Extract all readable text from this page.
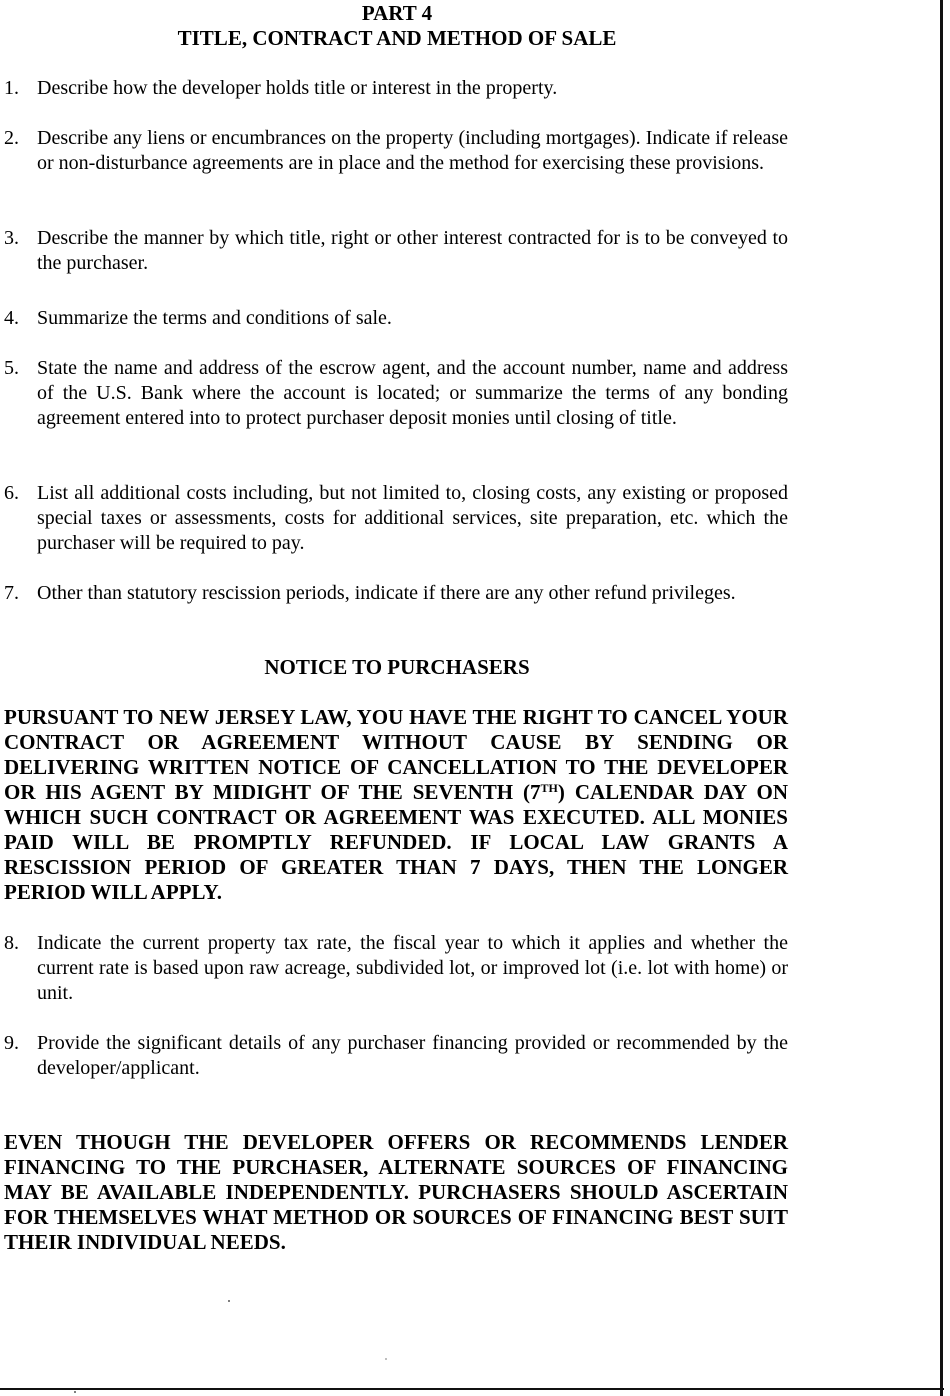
PART 4
TITLE, CONTRACT AND METHOD OF SALE
1. Describe how the developer holds title or interest in the property.
2. Describe any liens or encumbrances on the property (including mortgages). Indicate if release or non-disturbance agreements are in place and the method for exercising these provisions.
3. Describe the manner by which title, right or other interest contracted for is to be conveyed to the purchaser.
4. Summarize the terms and conditions of sale.
5. State the name and address of the escrow agent, and the account number, name and address of the U.S. Bank where the account is located; or summarize the terms of any bonding agreement entered into to protect purchaser deposit monies until closing of title.
6. List all additional costs including, but not limited to, closing costs, any existing or proposed special taxes or assessments, costs for additional services, site preparation, etc. which the purchaser will be required to pay.
7. Other than statutory rescission periods, indicate if there are any other refund privileges.
NOTICE TO PURCHASERS
PURSUANT TO NEW JERSEY LAW, YOU HAVE THE RIGHT TO CANCEL YOUR CONTRACT OR AGREEMENT WITHOUT CAUSE BY SENDING OR DELIVERING WRITTEN NOTICE OF CANCELLATION TO THE DEVELOPER OR HIS AGENT BY MIDIGHT OF THE SEVENTH (7TH) CALENDAR DAY ON WHICH SUCH CONTRACT OR AGREEMENT WAS EXECUTED. ALL MONIES PAID WILL BE PROMPTLY REFUNDED. IF LOCAL LAW GRANTS A RESCISSION PERIOD OF GREATER THAN 7 DAYS, THEN THE LONGER PERIOD WILL APPLY.
8. Indicate the current property tax rate, the fiscal year to which it applies and whether the current rate is based upon raw acreage, subdivided lot, or improved lot (i.e. lot with home) or unit.
9. Provide the significant details of any purchaser financing provided or recommended by the developer/applicant.
EVEN THOUGH THE DEVELOPER OFFERS OR RECOMMENDS LENDER FINANCING TO THE PURCHASER, ALTERNATE SOURCES OF FINANCING MAY BE AVAILABLE INDEPENDENTLY. PURCHASERS SHOULD ASCERTAIN FOR THEMSELVES WHAT METHOD OR SOURCES OF FINANCING BEST SUIT THEIR INDIVIDUAL NEEDS.
